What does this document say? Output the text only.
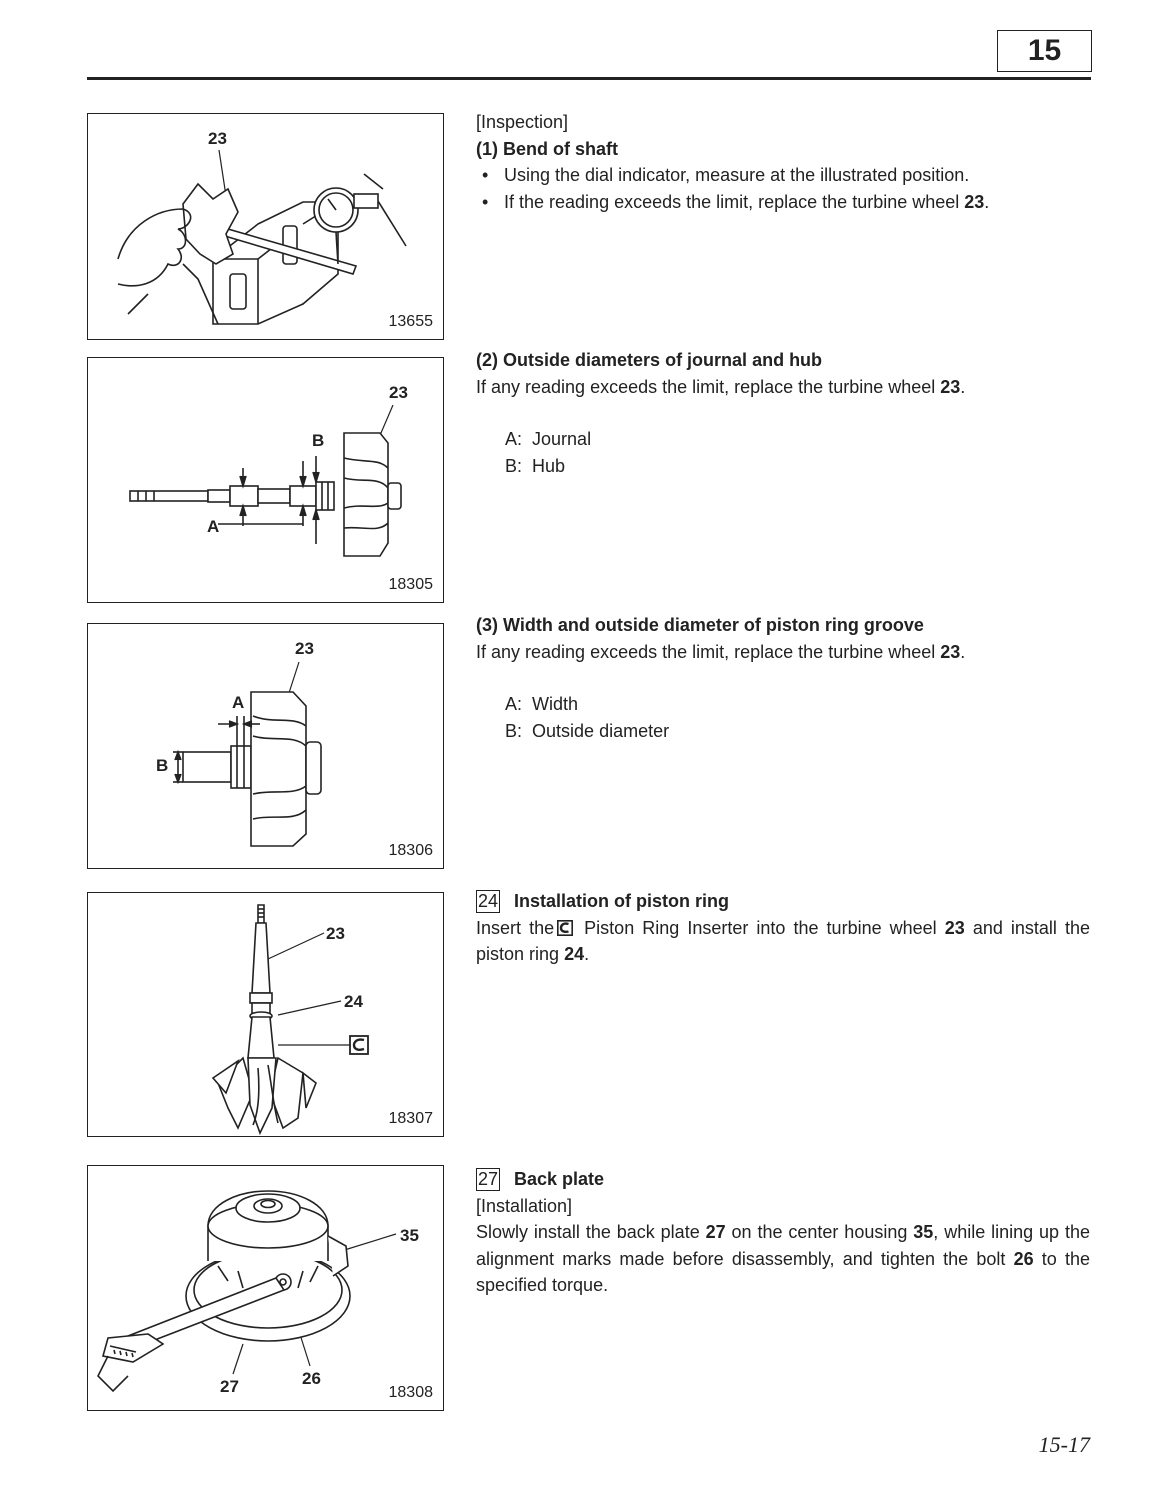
15
23
13655

[Inspection]

(1) Bend of shaft

• Using the dial indicator, measure at the illustrated position.

• If the reading exceeds the limit, replace the turbine wheel 23.

23
B
A
18305

(2) Outside diameters of journal and hub

If any reading exceeds the limit, replace the turbine wheel 23.

A:  Journal

B:  Hub

23
A
B
18306

(3) Width and outside diameter of piston ring groove

If any reading exceeds the limit, replace the turbine wheel 23.

A:  Width

B:  Outside diameter

23
24
18307

24 Installation of piston ring

Insert the Piston Ring Inserter into the turbine wheel 23 and install the piston ring 24.

35
27	26
18308

27 Back plate

[Installation]

Slowly install the back plate 27 on the center housing 35, while lining up the alignment marks made before disassembly, and tighten the bolt 26 to the specified torque.

15-17
